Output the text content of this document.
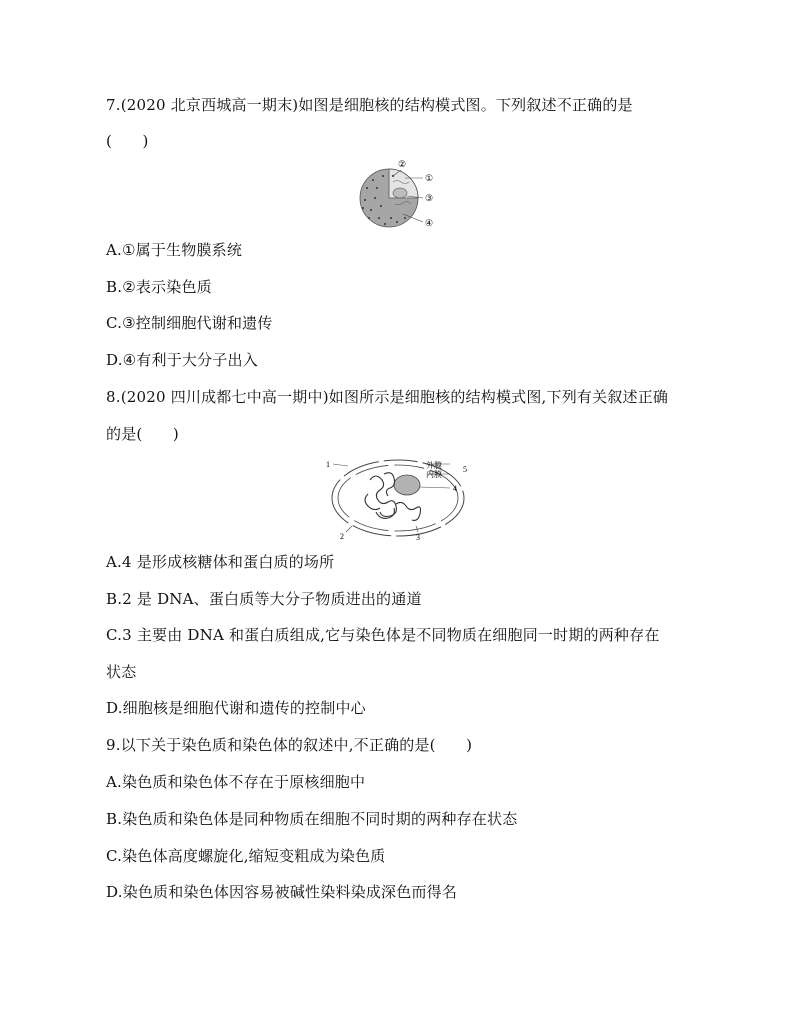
7.(2020 北京西城高一期末)如图是细胞核的结构模式图。下列叙述不正确的是

(　　)

②
①
③
④

A.①属于生物膜系统

B.②表示染色质

C.③控制细胞代谢和遗传

D.④有利于大分子出入

8.(2020 四川成都七中高一期中)如图所示是细胞核的结构模式图,下列有关叙述正确

的是(　　)

1	外膜
内膜
5
4
2	3

A.4 是形成核糖体和蛋白质的场所

B.2 是 DNA、蛋白质等大分子物质进出的通道

C.3 主要由 DNA 和蛋白质组成,它与染色体是不同物质在细胞同一时期的两种存在

状态

D.细胞核是细胞代谢和遗传的控制中心

9.以下关于染色质和染色体的叙述中,不正确的是(　　)

A.染色质和染色体不存在于原核细胞中

B.染色质和染色体是同种物质在细胞不同时期的两种存在状态

C.染色体高度螺旋化,缩短变粗成为染色质

D.染色质和染色体因容易被碱性染料染成深色而得名
